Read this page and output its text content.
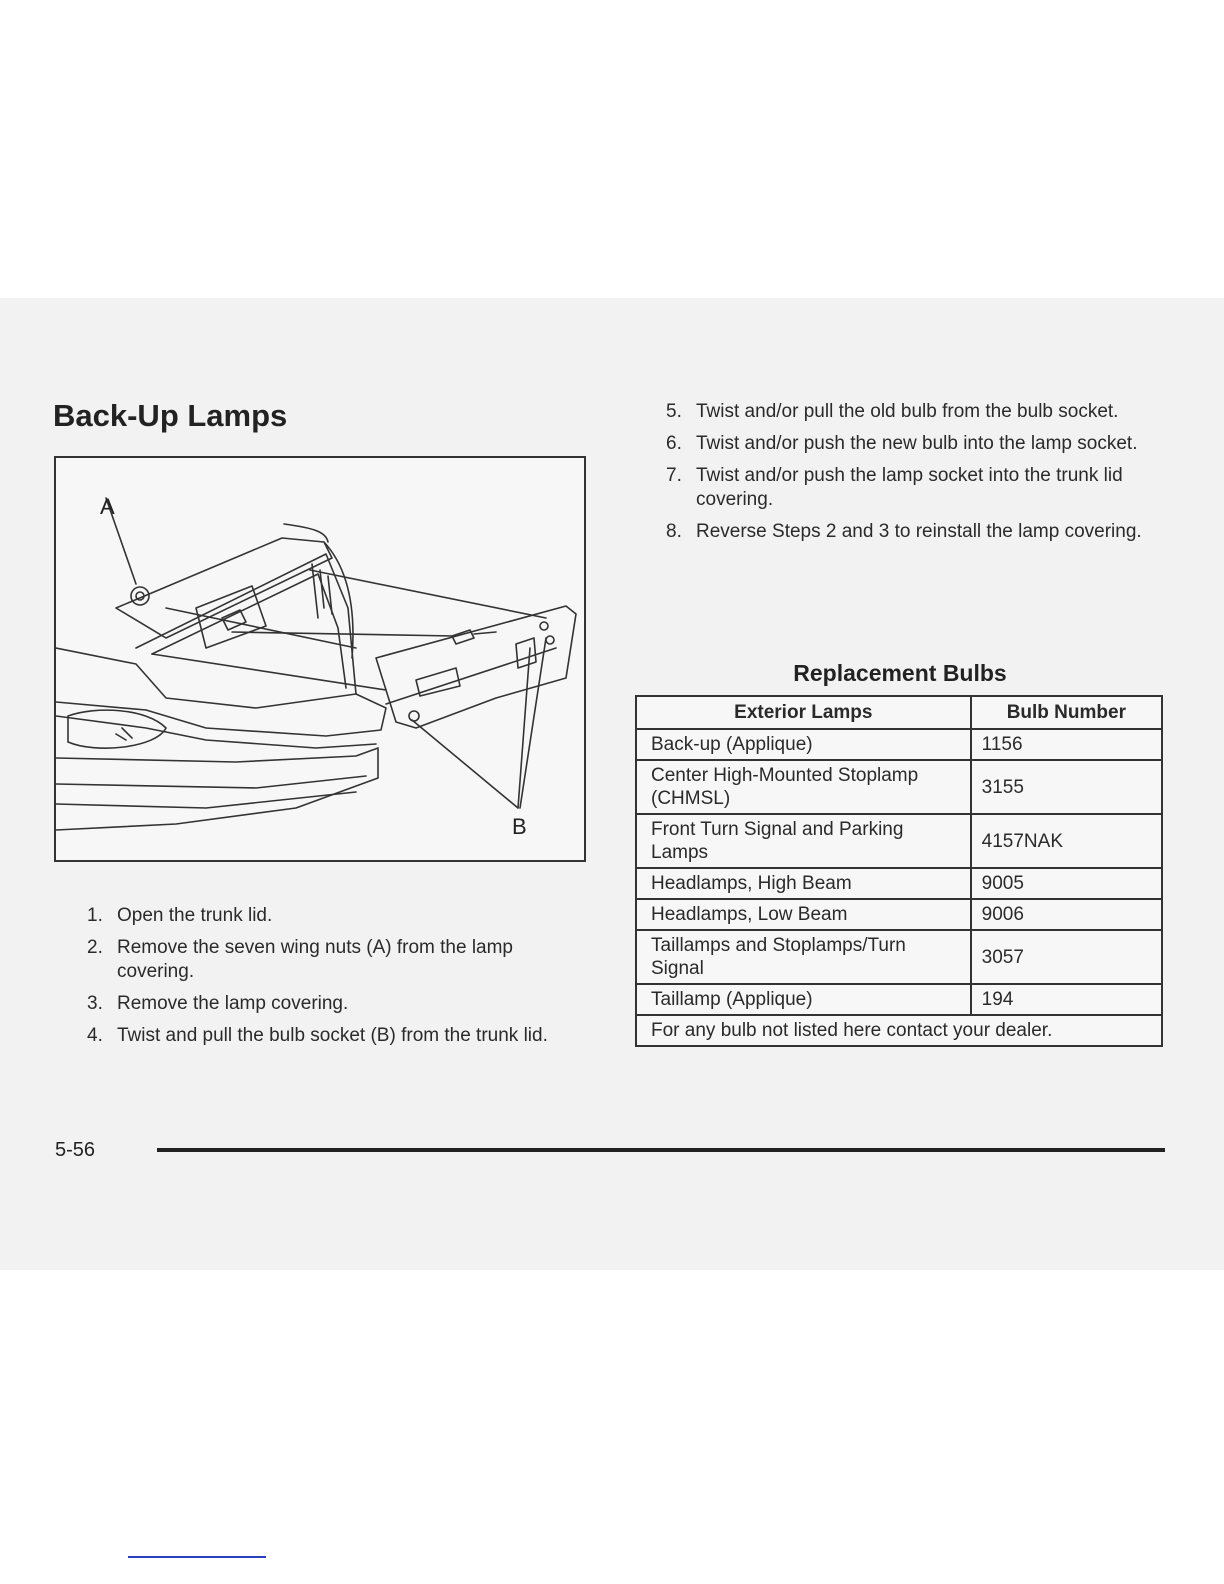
Back-Up Lamps
A
B
1. Open the trunk lid.
2. Remove the seven wing nuts (A) from the lamp covering.
3. Remove the lamp covering.
4. Twist and pull the bulb socket (B) from the trunk lid.
5. Twist and/or pull the old bulb from the bulb socket.
6. Twist and/or push the new bulb into the lamp socket.
7. Twist and/or push the lamp socket into the trunk lid covering.
8. Reverse Steps 2 and 3 to reinstall the lamp covering.
Replacement Bulbs
Exterior Lamps	Bulb Number
Back-up (Applique)	1156
Center High-Mounted Stoplamp (CHMSL)	3155
Front Turn Signal and Parking Lamps	4157NAK
Headlamps, High Beam	9005
Headlamps, Low Beam	9006
Taillamps and Stoplamps/Turn Signal	3057
Taillamp (Applique)	194
For any bulb not listed here contact your dealer.	
5-56
